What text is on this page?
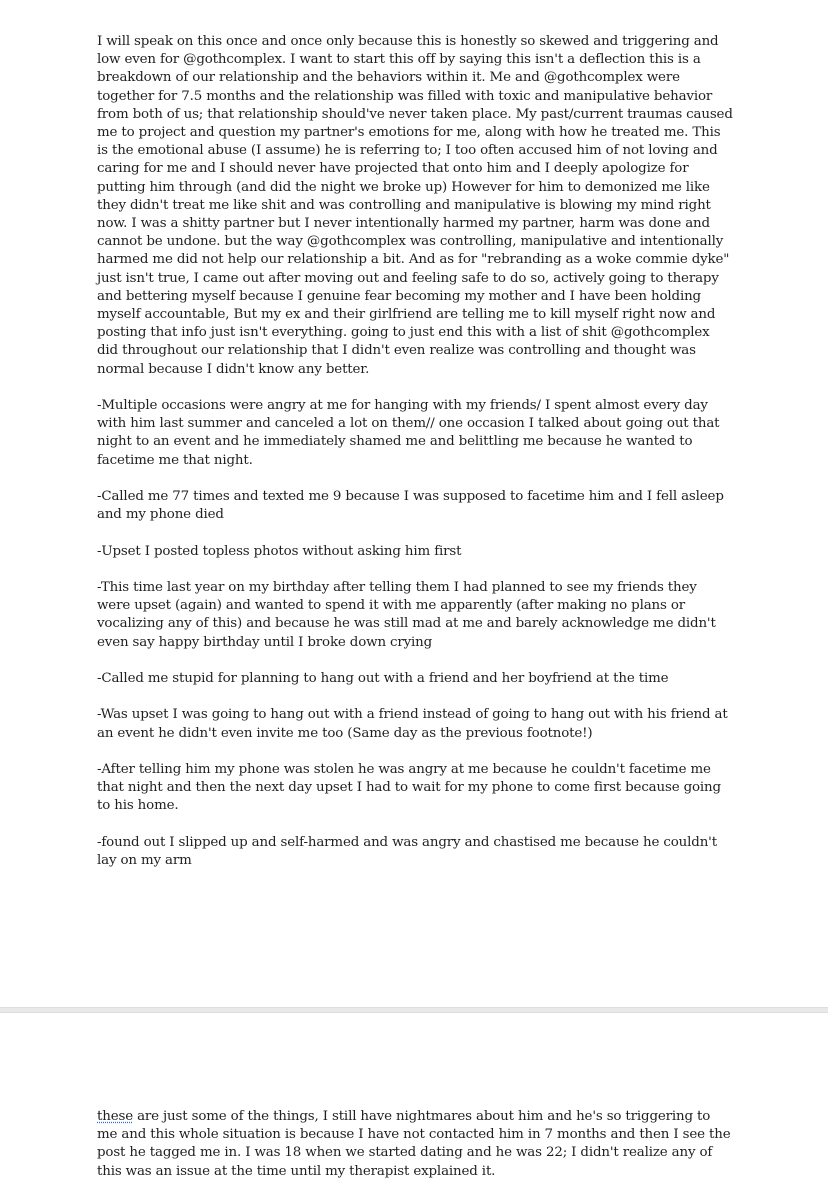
I will speak on this once and once only because this is honestly so skewed and triggering and low even for @gothcomplex. I want to start this off by saying this isn't a deflection this is a breakdown of our relationship and the behaviors within it. Me and @gothcomplex were together for 7.5 months and the relationship was filled with toxic and manipulative behavior from both of us; that relationship should've never taken place. My past/current traumas caused me to project and question my partner's emotions for me, along with how he treated me. This is the emotional abuse (I assume) he is referring to; I too often accused him of not loving and caring for me and I should never have projected that onto him and I deeply apologize for putting him through (and did the night we broke up) However for him to demonized me like they didn't treat me like shit and was controlling and manipulative is blowing my mind right now. I was a shitty partner but I never intentionally harmed my partner, harm was done and cannot be undone. but the way @gothcomplex was controlling, manipulative and intentionally harmed me did not help our relationship a bit. And as for "rebranding as a woke commie dyke" just isn't true, I came out after moving out and feeling safe to do so, actively going to therapy and bettering myself because I genuine fear becoming my mother and I have been holding myself accountable, But my ex and their girlfriend are telling me to kill myself right now and posting that info just isn't everything. going to just end this with a list of shit @gothcomplex did throughout our relationship that I didn't even realize was controlling and thought was normal because I didn't know any better.

-Multiple occasions were angry at me for hanging with my friends/ I spent almost every day with him last summer and canceled a lot on them// one occasion I talked about going out that night to an event and he immediately shamed me and belittling me because he wanted to facetime me that night.

-Called me 77 times and texted me 9 because I was supposed to facetime him and I fell asleep and my phone died

-Upset I posted topless photos without asking him first

-This time last year on my birthday after telling them I had planned to see my friends they were upset (again) and wanted to spend it with me apparently (after making no plans or vocalizing any of this) and because he was still mad at me and barely acknowledge me didn't even say happy birthday until I broke down crying

-Called me stupid for planning to hang out with a friend and her boyfriend at the time

-Was upset I was going to hang out with a friend instead of going to hang out with his friend at an event he didn't even invite me too (Same day as the previous footnote!)

-After telling him my phone was stolen he was angry at me because he couldn't facetime me that night and then the next day upset I had to wait for my phone to come first because going to his home.

-found out I slipped up and self-harmed and was angry and chastised me because he couldn't lay on my arm

these are just some of the things, I still have nightmares about him and he's so triggering to me and this whole situation is because I have not contacted him in 7 months and then I see the post he tagged me in. I was 18 when we started dating and he was 22; I didn't realize any of this was an issue at the time until my therapist explained it.
